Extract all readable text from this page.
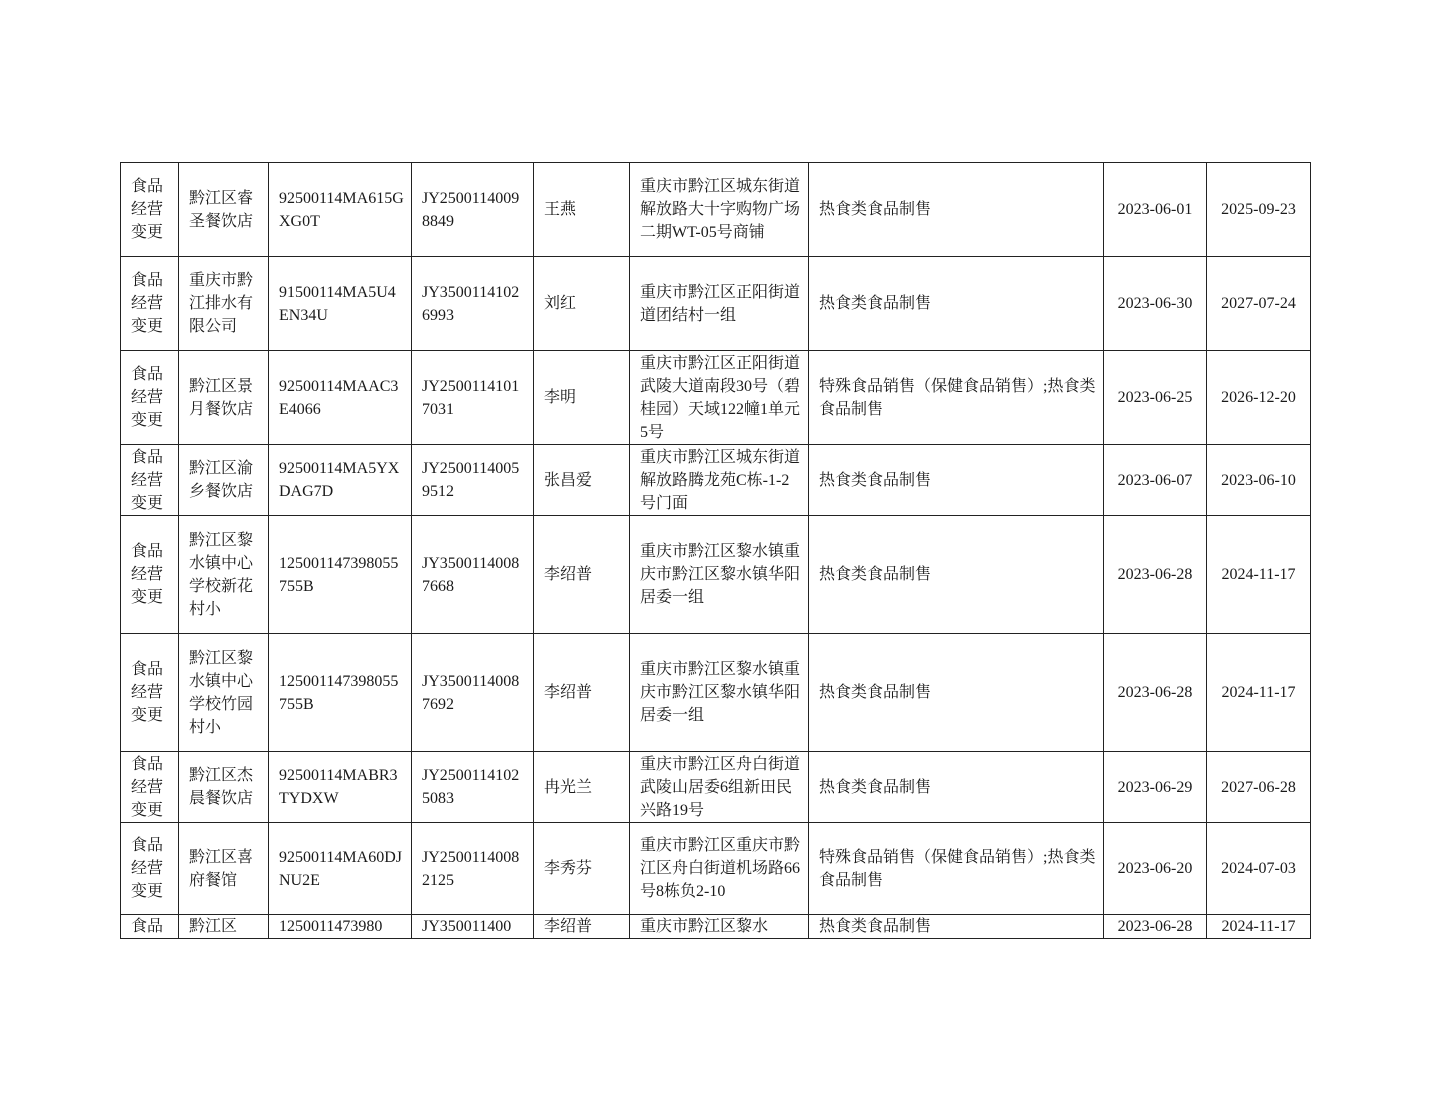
食品经营变更	黔江区睿圣餐饮店	92500114MA615GXG0T	JY25001140098849	王燕	重庆市黔江区城东街道解放路大十字购物广场二期WT-05号商铺	热食类食品制售	2023-06-01	2025-09-23
食品经营变更	重庆市黔江排水有限公司	91500114MA5U4EN34U	JY35001141026993	刘红	重庆市黔江区正阳街道道团结村一组	热食类食品制售	2023-06-30	2027-07-24
食品经营变更	黔江区景月餐饮店	92500114MAAC3E4066	JY25001141017031	李明	重庆市黔江区正阳街道武陵大道南段30号（碧桂园）天域122幢1单元5号	特殊食品销售（保健食品销售）;热食类食品制售	2023-06-25	2026-12-20
食品经营变更	黔江区渝乡餐饮店	92500114MA5YXDAG7D	JY25001140059512	张昌爱	重庆市黔江区城东街道解放路腾龙苑C栋-1-2号门面	热食类食品制售	2023-06-07	2023-06-10
食品经营变更	黔江区黎水镇中心学校新花村小	125001147398055755B	JY35001140087668	李绍普	重庆市黔江区黎水镇重庆市黔江区黎水镇华阳居委一组	热食类食品制售	2023-06-28	2024-11-17
食品经营变更	黔江区黎水镇中心学校竹园村小	125001147398055755B	JY35001140087692	李绍普	重庆市黔江区黎水镇重庆市黔江区黎水镇华阳居委一组	热食类食品制售	2023-06-28	2024-11-17
食品经营变更	黔江区杰晨餐饮店	92500114MABR3TYDXW	JY25001141025083	冉光兰	重庆市黔江区舟白街道武陵山居委6组新田民兴路19号	热食类食品制售	2023-06-29	2027-06-28
食品经营变更	黔江区喜府餐馆	92500114MA60DJNU2E	JY25001140082125	李秀芬	重庆市黔江区重庆市黔江区舟白街道机场路66号8栋负2-10	特殊食品销售（保健食品销售）;热食类食品制售	2023-06-20	2024-07-03
食品	黔江区	1250011473980	JY350011400	李绍普	重庆市黔江区黎水	热食类食品制售	2023-06-28	2024-11-17
